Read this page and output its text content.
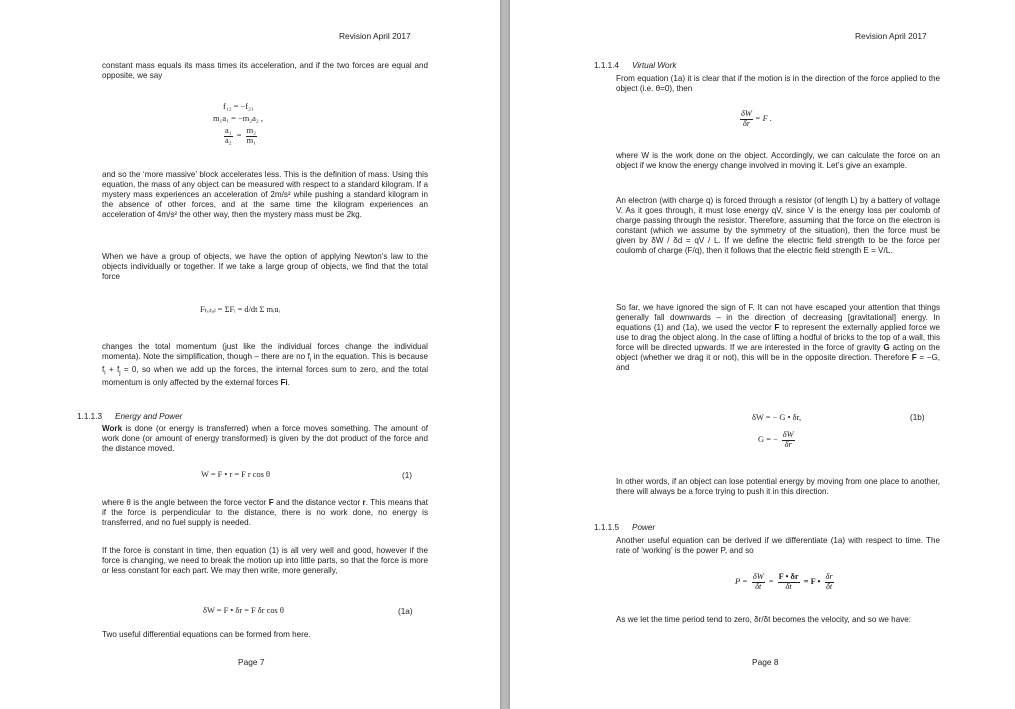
Revision April 2017

constant mass equals its mass times its acceleration, and if the two forces are equal and opposite, we say

f₁₂ = −f₂₁
m₁a₁ = −m₂a₂ ,
$\frac{\text{a₁}}{\text{a₂}} = \frac{\text{m₂}}{\text{m₁}}$

and so the ‘more massive’ block accelerates less. This is the definition of mass. Using this equation, the mass of any object can be measured with respect to a standard kilogram. If a mystery mass experiences an acceleration of 2m/s² while pushing a standard kilogram in the absence of other forces, and at the same time the kilogram experiences an acceleration of 4m/s² the other way, then the mystery mass must be 2kg.

When we have a group of objects, we have the option of applying Newton’s law to the objects individually or together. If we take a large group of objects, we find that the total force

Fₜₒₜₐₗ = ΣFᵢ = d/dt Σ mᵢuᵢ

changes the total momentum (just like the individual forces change the individual momenta). Note the simplification, though – there are no $f_i$ in the equation. This is because $f_i + f_j = 0$, so when we add up the forces, the internal forces sum to zero, and the total momentum is only affected by the external forces Fi.

1.1.1.3 Energy and Power

Work is done (or energy is transferred) when a force moves something. The amount of work done (or amount of energy transformed) is given by the dot product of the force and the distance moved.

W = F • r = F r cos θ	(1)

where θ is the angle between the force vector F and the distance vector r. This means that if the force is perpendicular to the distance, there is no work done, no energy is transferred, and no fuel supply is needed.

If the force is constant in time, then equation (1) is all very well and good, however if the force is changing, we need to break the motion up into little parts, so that the force is more or less constant for each part. We may then write, more generally,

δW = F • δr = F δr cos θ	(1a)

Two useful differential equations can be formed from here.

Page 7
Revision April 2017
1.1.1.4 Virtual Work

From equation (1a) it is clear that if the motion is in the direction of the force applied to the object (i.e. θ=0), then

$\frac{\delta W}{\delta r} = F$ .

where W is the work done on the object. Accordingly, we can calculate the force on an object if we know the energy change involved in moving it. Let’s give an example.

An electron (with charge q) is forced through a resistor (of length L) by a battery of voltage V. As it goes through, it must lose energy qV, since V is the energy loss per coulomb of charge passing through the resistor. Therefore, assuming that the force on the electron is constant (which we assume by the symmetry of the situation), then the force must be given by δW / δd = qV / L. If we define the electric field strength to be the force per coulomb of charge (F/q), then it follows that the electric field strength E = V/L.

So far, we have ignored the sign of F. It can not have escaped your attention that things generally fall downwards – in the direction of decreasing [gravitational] energy. In equations (1) and (1a), we used the vector F to represent the externally applied force we use to drag the object along. In the case of lifting a hodful of bricks to the top of a wall, this force will be directed upwards. If we are interested in the force of gravity G acting on the object (whether we drag it or not), this will be in the opposite direction. Therefore F = −G, and

δW = − G • δr,	(1b)
G = − $\frac{\delta W}{\delta r}$

In other words, if an object can lose potential energy by moving from one place to another, there will always be a force trying to push it in this direction.

1.1.1.5 Power

Another useful equation can be derived if we differentiate (1a) with respect to time. The rate of ‘working’ is the power P, and so

$P = \frac{\delta W}{\delta t} = \frac{F • \delta r}{\delta t} = F$ • $\frac{\delta r}{\delta t}$

As we let the time period tend to zero, δr/δt becomes the velocity, and so we have:

Page 8
